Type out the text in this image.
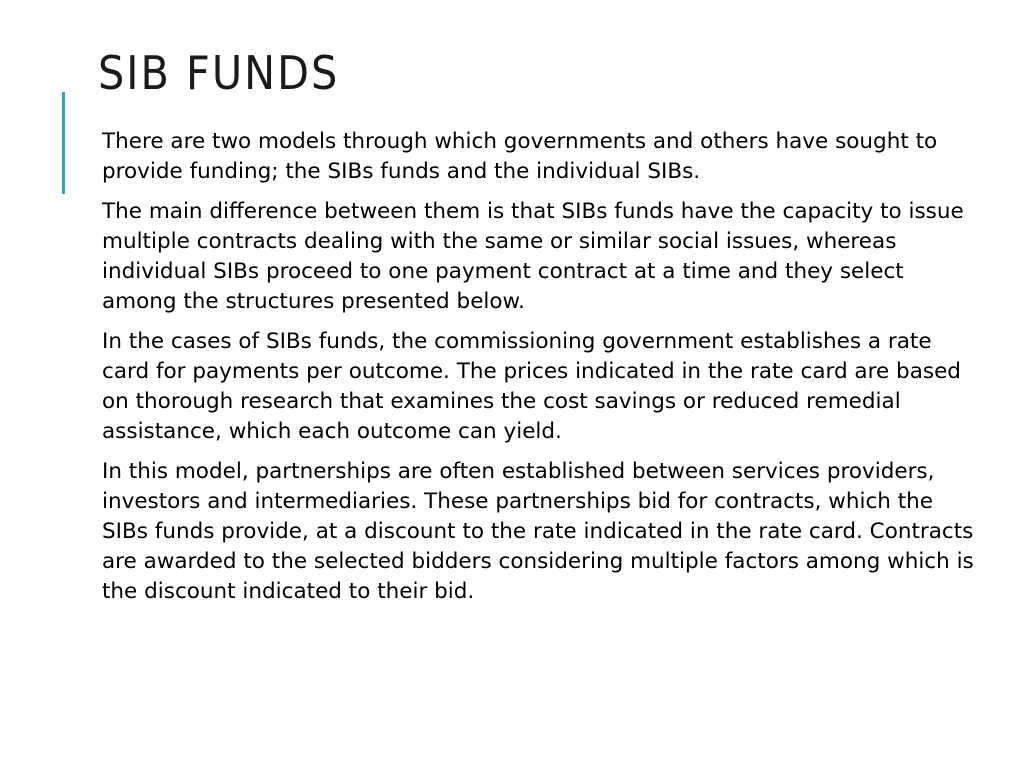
SIB FUNDS

There are two models through which governments and others have sought to provide funding; the SIBs funds and the individual SIBs.

The main difference between them is that SIBs funds have the capacity to issue multiple contracts dealing with the same or similar social issues, whereas individual SIBs proceed to one payment contract at a time and they select among the structures presented below.

In the cases of SIBs funds, the commissioning government establishes a rate card for payments per outcome. The prices indicated in the rate card are based on thorough research that examines the cost savings or reduced remedial assistance, which each outcome can yield.

In this model, partnerships are often established between services providers, investors and intermediaries. These partnerships bid for contracts, which the SIBs funds provide, at a discount to the rate indicated in the rate card. Contracts are awarded to the selected bidders considering multiple factors among which is the discount indicated to their bid.
